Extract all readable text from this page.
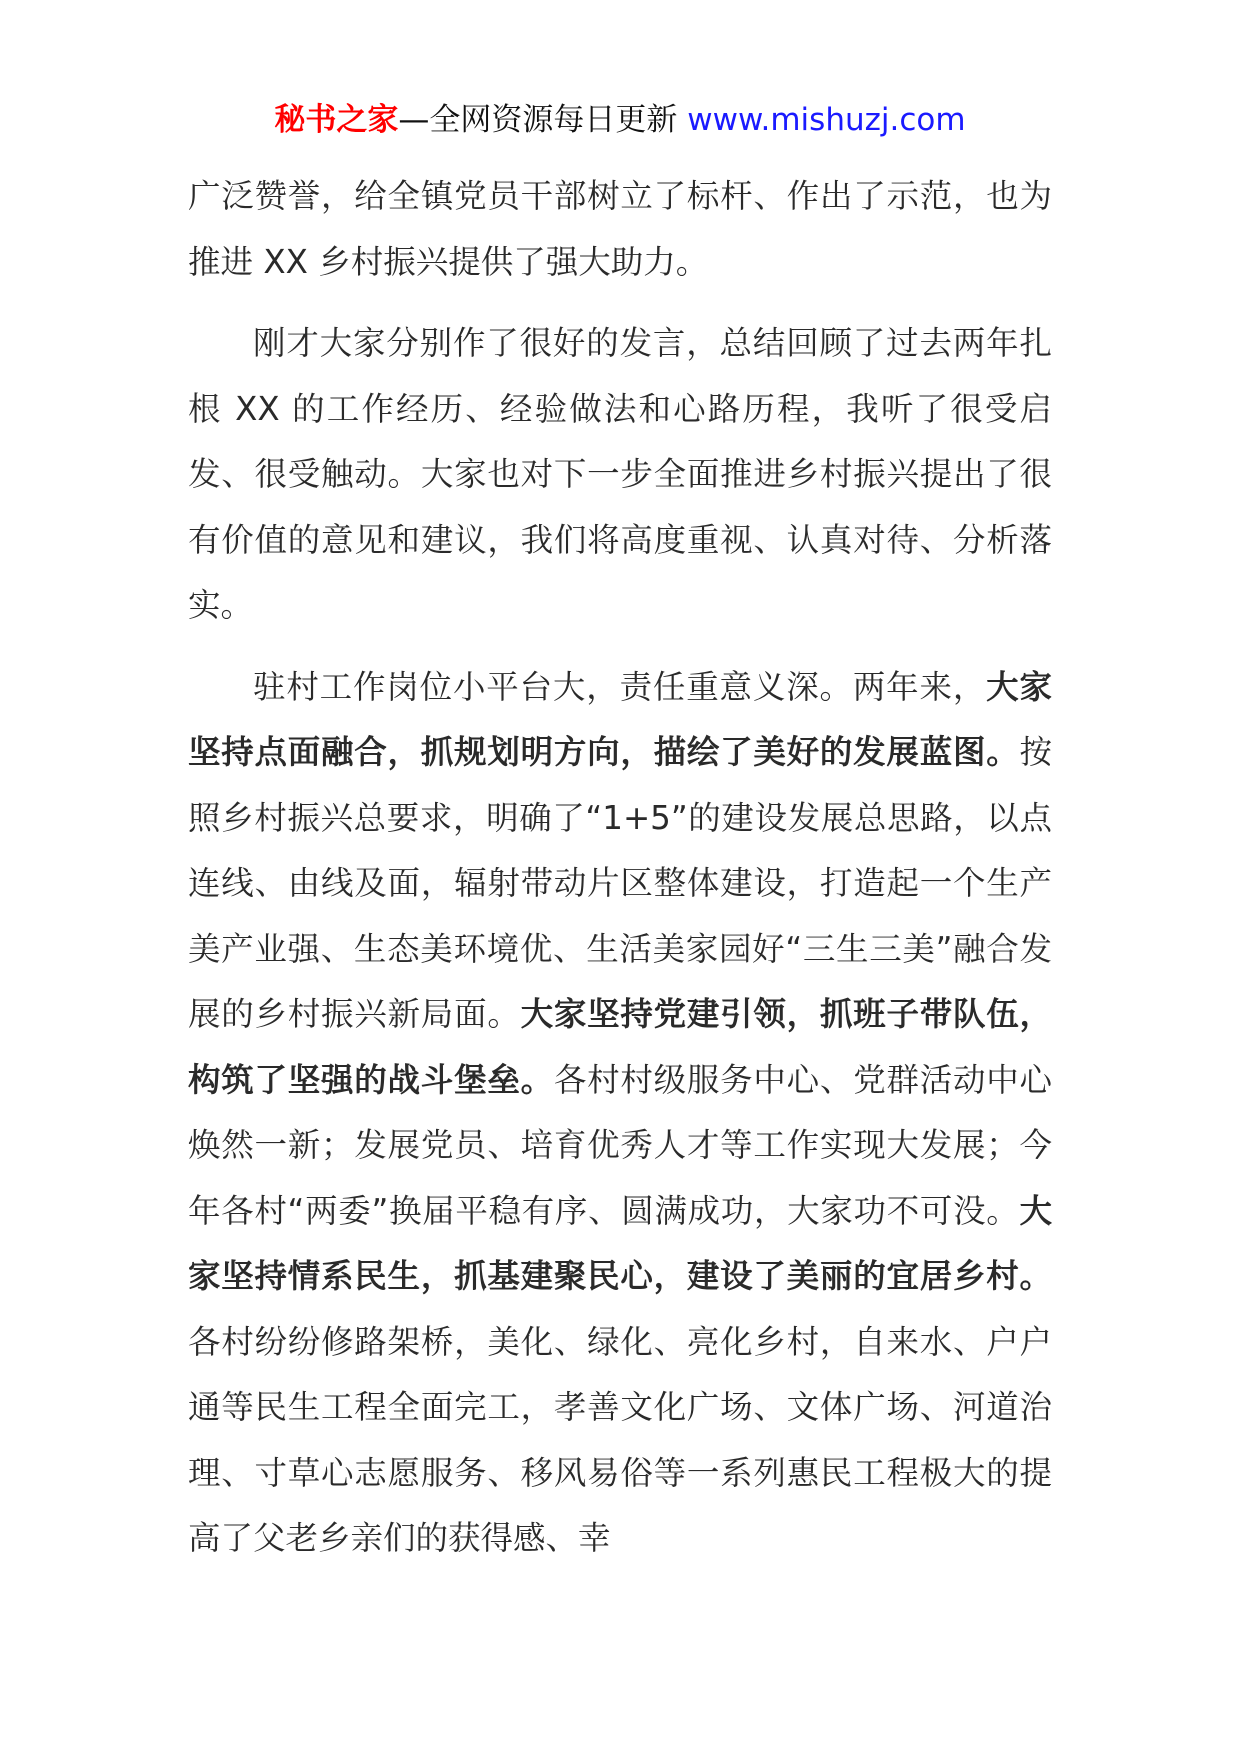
秘书之家—全网资源每日更新 www.mishuzj.com

广泛赞誉，给全镇党员干部树立了标杆、作出了示范，也为推进 XX 乡村振兴提供了强大助力。

刚才大家分别作了很好的发言，总结回顾了过去两年扎根 XX 的工作经历、经验做法和心路历程，我听了很受启发、很受触动。大家也对下一步全面推进乡村振兴提出了很有价值的意见和建议，我们将高度重视、认真对待、分析落实。

驻村工作岗位小平台大，责任重意义深。两年来，大家坚持点面融合，抓规划明方向，描绘了美好的发展蓝图。按照乡村振兴总要求，明确了“1+5”的建设发展总思路，以点连线、由线及面，辐射带动片区整体建设，打造起一个生产美产业强、生态美环境优、生活美家园好“三生三美”融合发展的乡村振兴新局面。大家坚持党建引领，抓班子带队伍，构筑了坚强的战斗堡垒。各村村级服务中心、党群活动中心焕然一新；发展党员、培育优秀人才等工作实现大发展；今年各村“两委”换届平稳有序、圆满成功，大家功不可没。大家坚持情系民生，抓基建聚民心，建设了美丽的宜居乡村。各村纷纷修路架桥，美化、绿化、亮化乡村，自来水、户户通等民生工程全面完工，孝善文化广场、文体广场、河道治理、寸草心志愿服务、移风易俗等一系列惠民工程极大的提高了父老乡亲们的获得感、幸
